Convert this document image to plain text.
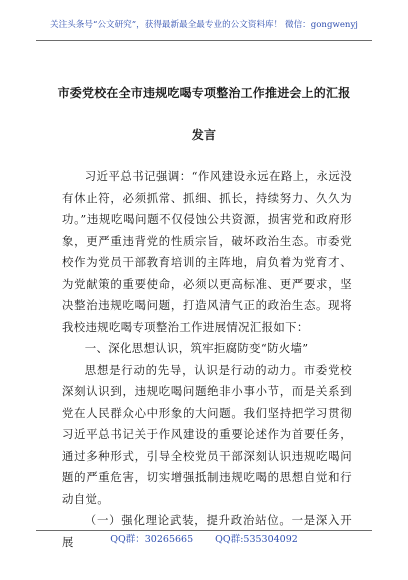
关注头条号“公文研究”，获得最新最全最专业的公文资料库！ 微信：gongwenyj
市委党校在全市违规吃喝专项整治工作推进会上的汇报发言

习近平总书记强调：“作风建设永远在路上，永远没有休止符，必须抓常、抓细、抓长，持续努力、久久为功。”违规吃喝问题不仅侵蚀公共资源，损害党和政府形象，更严重违背党的性质宗旨，破坏政治生态。市委党校作为党员干部教育培训的主阵地，肩负着为党育才、为党献策的重要使命，必须以更高标准、更严要求，坚决整治违规吃喝问题，打造风清气正的政治生态。现将我校违规吃喝专项整治工作进展情况汇报如下：

一、深化思想认识，筑牢拒腐防变“防火墙”

思想是行动的先导，认识是行动的动力。市委党校深刻认识到，违规吃喝问题绝非小事小节，而是关系到党在人民群众心中形象的大问题。我们坚持把学习贯彻习近平总书记关于作风建设的重要论述作为首要任务，通过多种形式，引导全校党员干部深刻认识违规吃喝问题的严重危害，切实增强抵制违规吃喝的思想自觉和行动自觉。

（一）强化理论武装，提升政治站位。一是深入开展	QQ群：30265665 QQ群:535304092
